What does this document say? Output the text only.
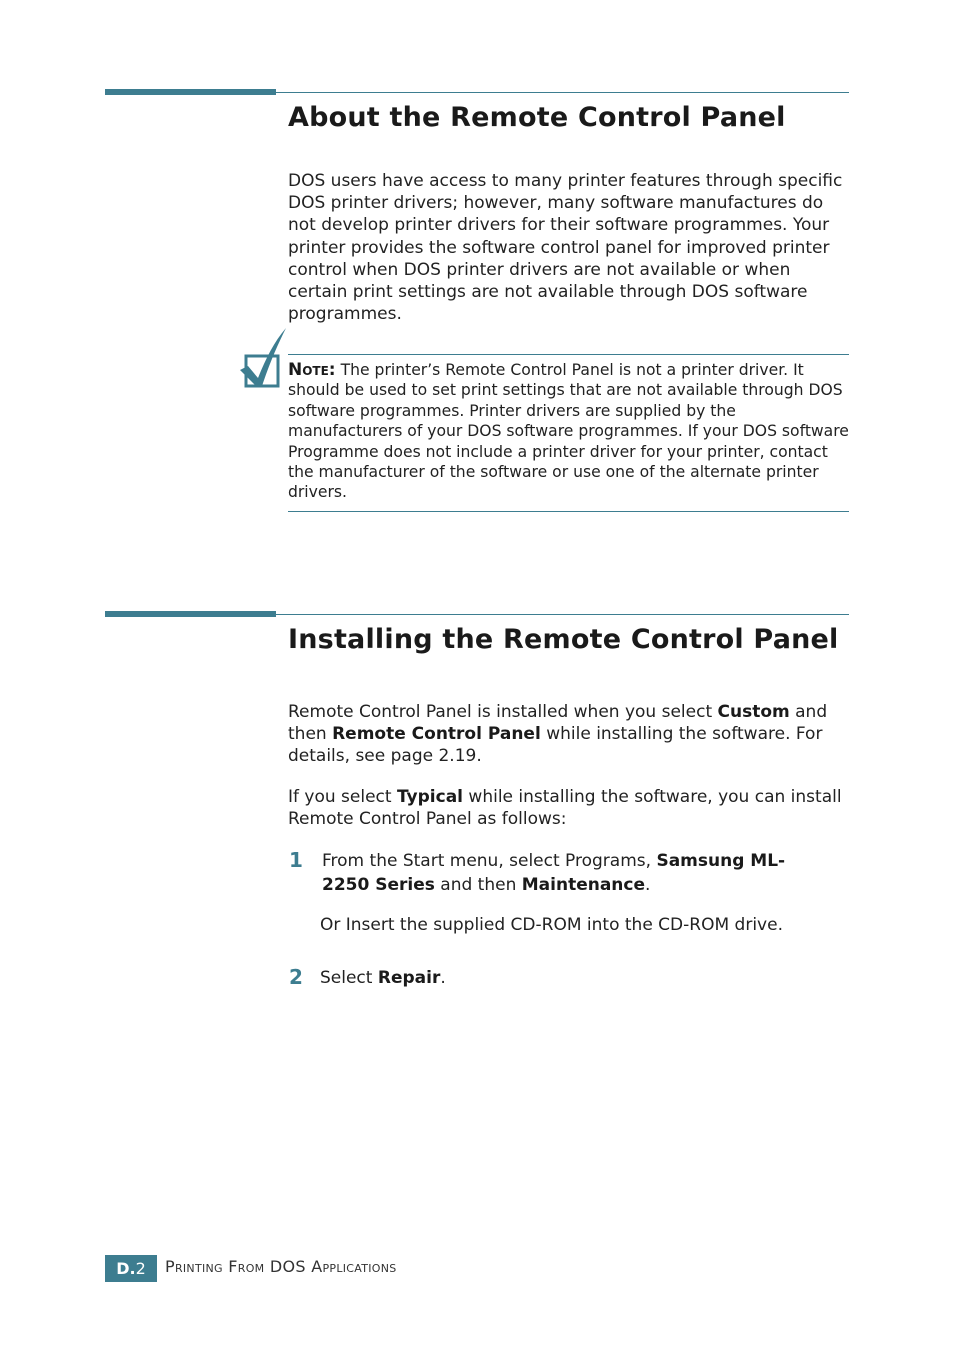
About the Remote Control Panel

DOS users have access to many printer features through specific DOS printer drivers; however, many software manufactures do not develop printer drivers for their software programmes. Your printer provides the software control panel for improved printer control when DOS printer drivers are not available or when certain print settings are not available through DOS software programmes.

Note: The printer’s Remote Control Panel is not a printer driver. It should be used to set print settings that are not available through DOS software programmes. Printer drivers are supplied by the manufacturers of your DOS software programmes. If your DOS software Programme does not include a printer driver for your printer, contact the manufacturer of the software or use one of the alternate printer drivers.

Installing the Remote Control Panel

Remote Control Panel is installed when you select Custom and then Remote Control Panel while installing the software. For details, see page 2.19.

If you select Typical while installing the software, you can install Remote Control Panel as follows:

1 From the Start menu, select Programs, Samsung ML-2250 Series and then Maintenance.

Or Insert the supplied CD-ROM into the CD-ROM drive.

2 Select Repair.

D.2	Printing From DOS Applications
